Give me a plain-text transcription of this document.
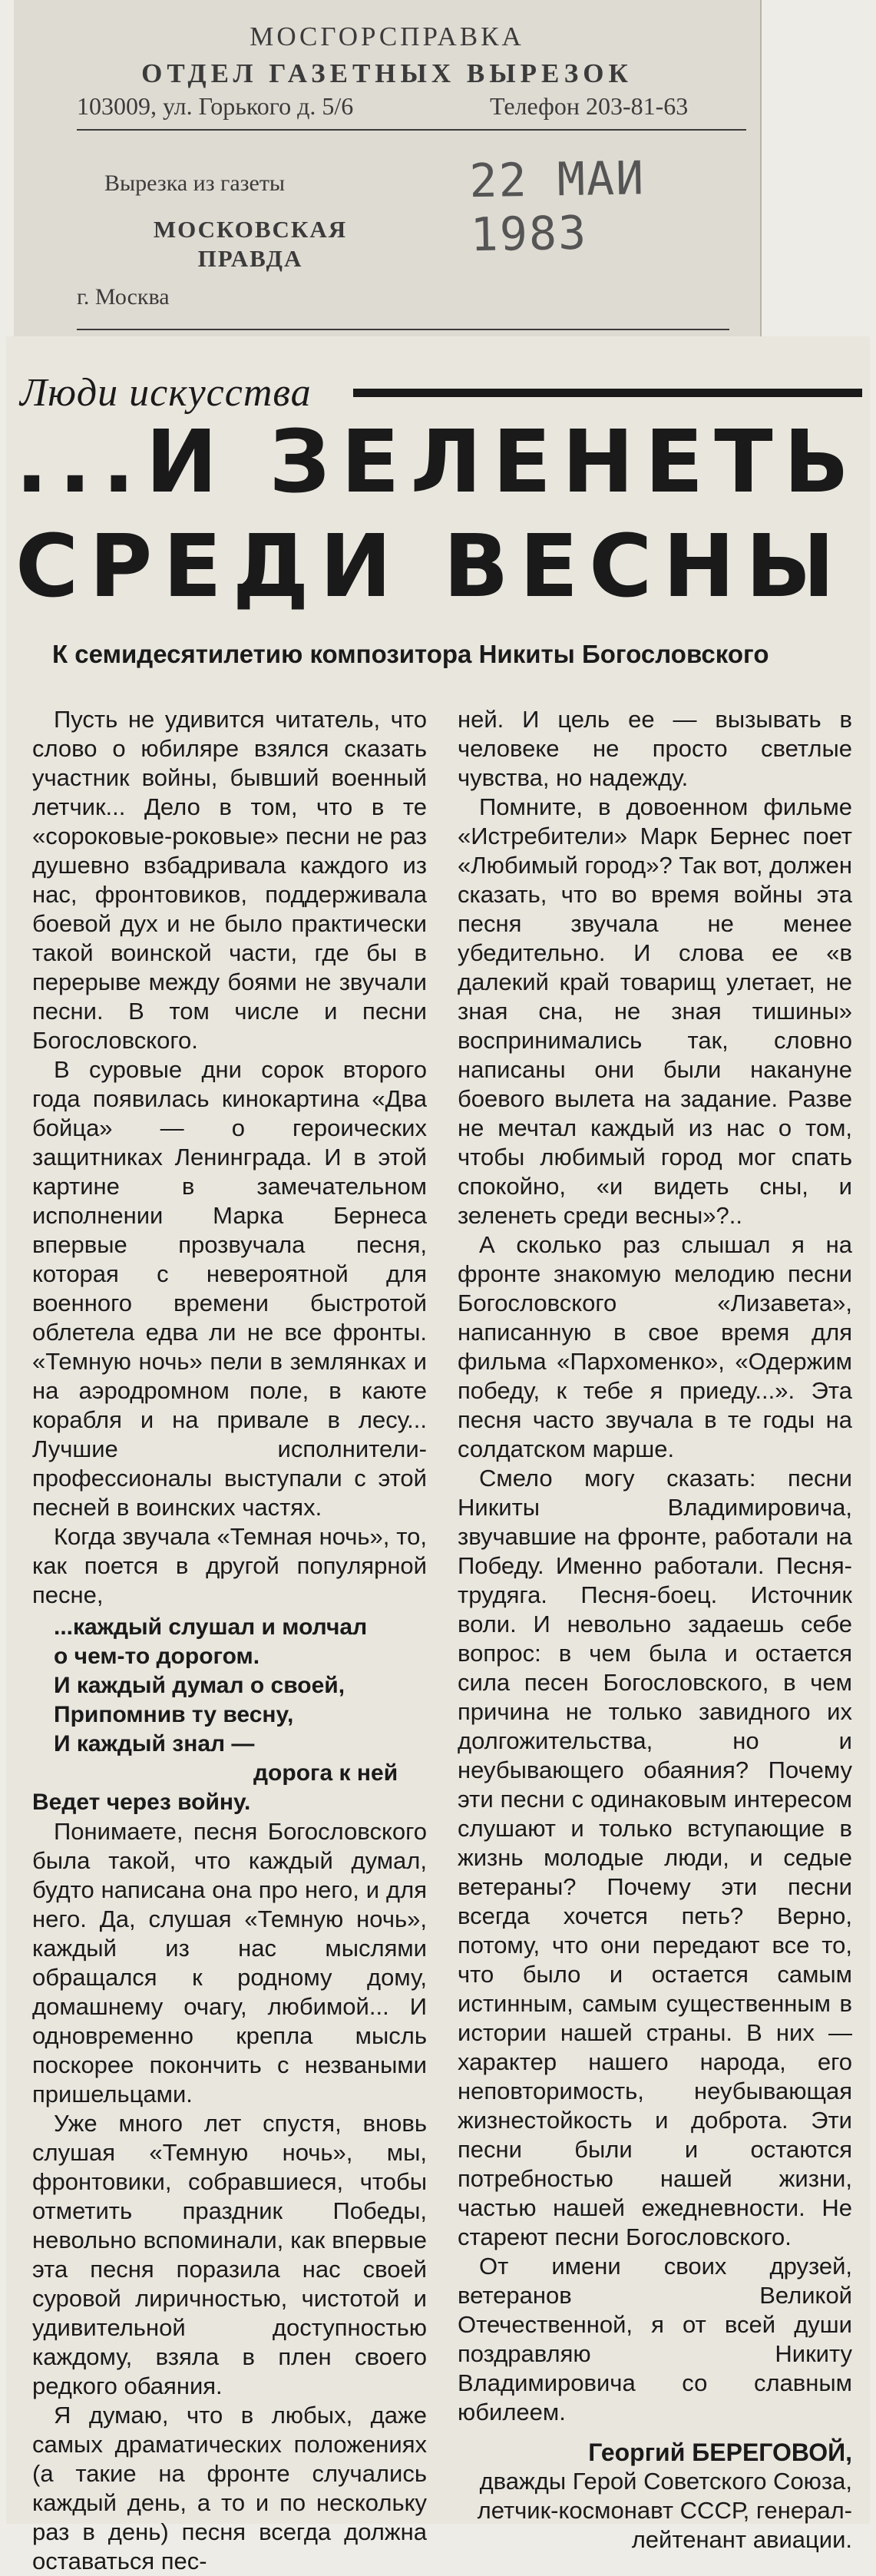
МОСГОРСПРАВКА
ОТДЕЛ ГАЗЕТНЫХ ВЫРЕЗОК
103009, ул. Горького д. 5/6	Телефон 203-81-63
Вырезка из газеты
МОСКОВСКАЯ ПРАВДА
г. Москва
22 МАИ 1983
Люди искусства
...И ЗЕЛЕНЕТЬ
СРЕДИ ВЕСНЫ
К семидесятилетию композитора Никиты Богословского

Пусть не удивится читатель, что слово о юбиляре взялся сказать участник войны, бывший военный летчик... Дело в том, что в те «сороковые-роковые» песни не раз душевно взбадривала каждого из нас, фронтовиков, поддерживала боевой дух и не было практически такой воинской части, где бы в перерыве между боями не звучали песни. В том числе и песни Богословского.

В суровые дни сорок второго года появилась кинокартина «Два бойца» — о героических защитниках Ленинграда. И в этой картине в замечательном исполнении Марка Бернеса впервые прозвучала песня, которая с невероятной для военного времени быстротой облетела едва ли не все фронты. «Темную ночь» пели в землянках и на аэродромном поле, в каюте корабля и на привале в лесу... Лучшие исполнители-профессионалы выступали с этой песней в воинских частях.

Когда звучала «Темная ночь», то, как поется в другой популярной песне,

...каждый слушал и молчал
о чем-то дорогом.
И каждый думал о своей,
Припомнив ту весну,
И каждый знал —
дорога к ней
Ведет через войну.

Понимаете, песня Богословского была такой, что каждый думал, будто написана она про него, и для него. Да, слушая «Темную ночь», каждый из нас мыслями обращался к родному дому, домашнему очагу, любимой... И одновременно крепла мысль поскорее покончить с незваными пришельцами.

Уже много лет спустя, вновь слушая «Темную ночь», мы, фронтовики, собравшиеся, чтобы отметить праздник Победы, невольно вспоминали, как впервые эта песня поразила нас своей суровой лиричностью, чистотой и удивительной доступностью каждому, взяла в плен своего редкого обаяния.

Я думаю, что в любых, даже самых драматических положениях (а такие на фронте случались каждый день, а то и по нескольку раз в день) песня всегда должна оставаться пес-

ней. И цель ее — вызывать в человеке не просто светлые чувства, но надежду.

Помните, в довоенном фильме «Истребители» Марк Бернес поет «Любимый город»? Так вот, должен сказать, что во время войны эта песня звучала не менее убедительно. И слова ее «в далекий край товарищ улетает, не зная сна, не зная тишины» воспринимались так, словно написаны они были накануне боевого вылета на задание. Разве не мечтал каждый из нас о том, чтобы любимый город мог спать спокойно, «и видеть сны, и зеленеть среди весны»?..

А сколько раз слышал я на фронте знакомую мелодию песни Богословского «Лизавета», написанную в свое время для фильма «Пархоменко», «Одержим победу, к тебе я приеду...». Эта песня часто звучала в те годы на солдатском марше.

Смело могу сказать: песни Никиты Владимировича, звучавшие на фронте, работали на Победу. Именно работали. Песня-трудяга. Песня-боец. Источник воли. И невольно задаешь себе вопрос: в чем была и остается сила песен Богословского, в чем причина не только завидного их долгожительства, но и неубывающего обаяния? Почему эти песни с одинаковым интересом слушают и только вступающие в жизнь молодые люди, и седые ветераны? Почему эти песни всегда хочется петь? Верно, потому, что они передают все то, что было и остается самым истинным, самым существенным в истории нашей страны. В них — характер нашего народа, его неповторимость, неубывающая жизнестойкость и доброта. Эти песни были и остаются потребностью нашей жизни, частью нашей ежедневности. Не стареют песни Богословского.

От имени своих друзей, ветеранов Великой Отечественной, я от всей души поздравляю Никиту Владимировича со славным юбилеем.

Георгий БЕРЕГОВОЙ,
дважды Герой Советского Союза, летчик-космонавт СССР, генерал-лейтенант авиации.
